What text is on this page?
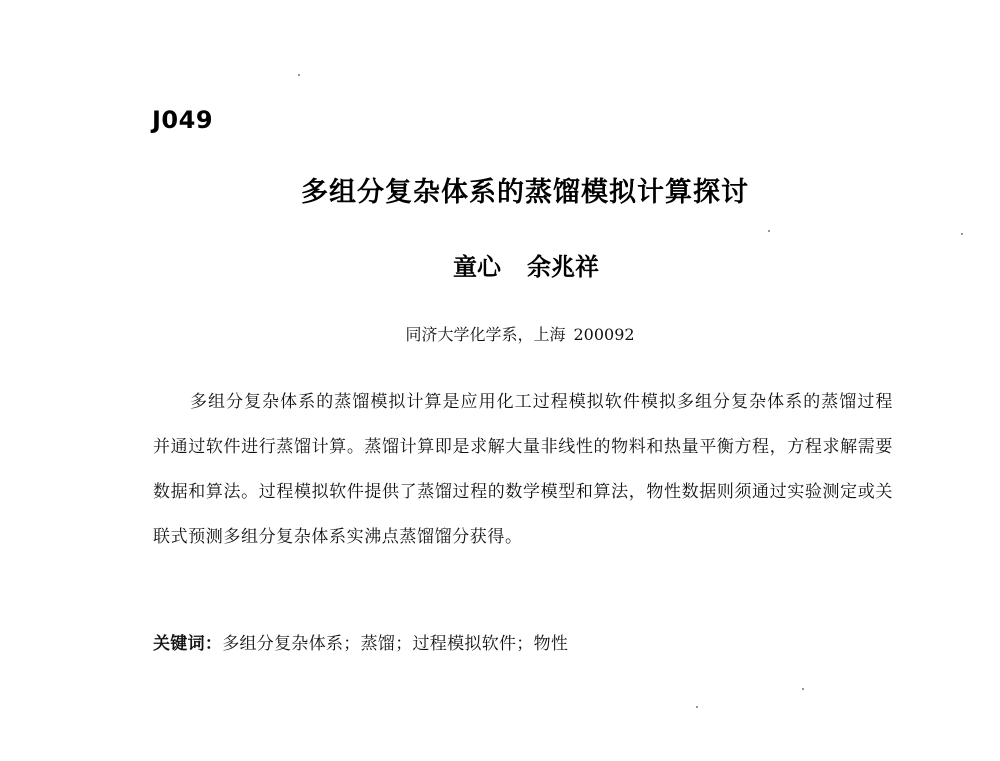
J049
多组分复杂体系的蒸馏模拟计算探讨
童心 余兆祥
同济大学化学系，上海 200092

多组分复杂体系的蒸馏模拟计算是应用化工过程模拟软件模拟多组分复杂体系的蒸馏过程并通过软件进行蒸馏计算。蒸馏计算即是求解大量非线性的物料和热量平衡方程，方程求解需要数据和算法。过程模拟软件提供了蒸馏过程的数学模型和算法，物性数据则须通过实验测定或关联式预测多组分复杂体系实沸点蒸馏馏分获得。

关键词：多组分复杂体系；蒸馏；过程模拟软件；物性
